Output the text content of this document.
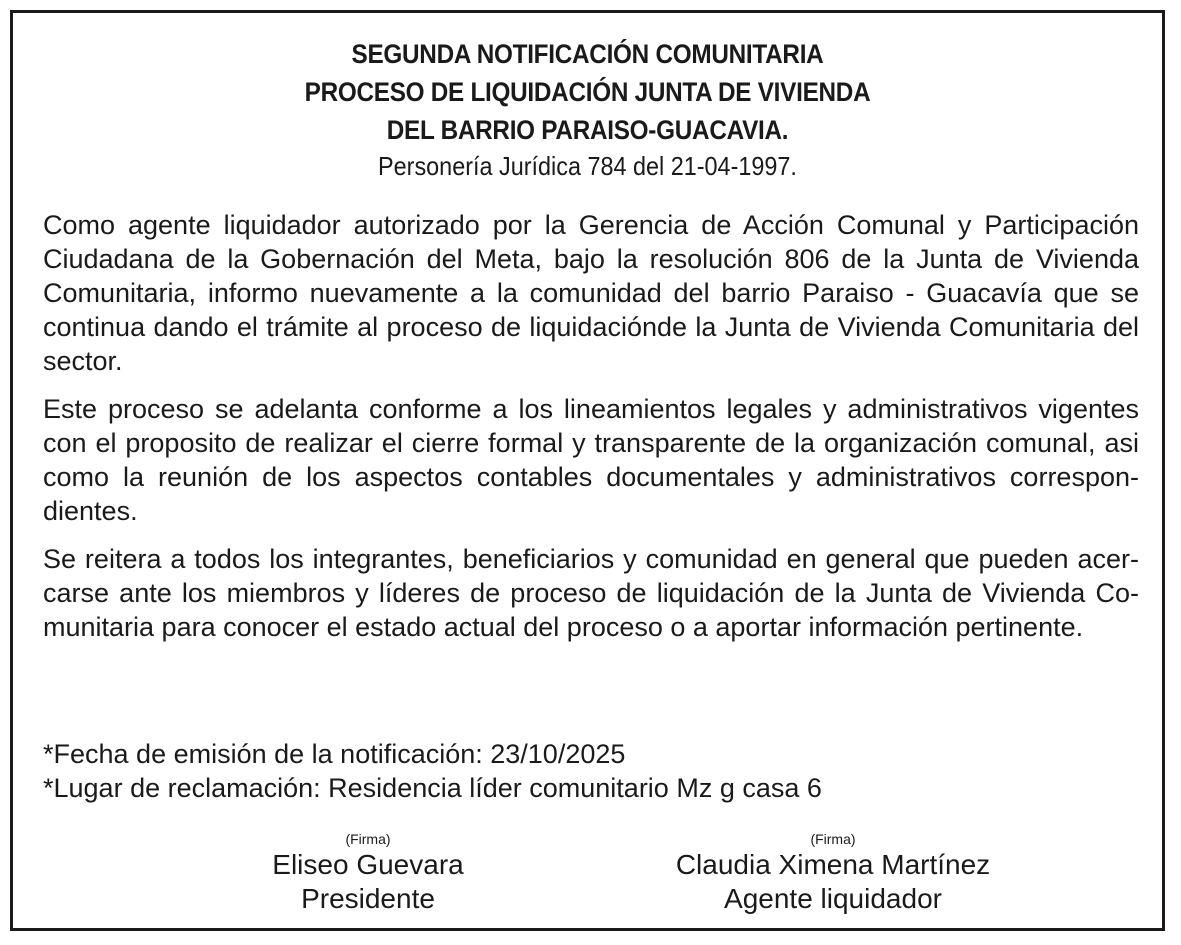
SEGUNDA NOTIFICACIÓN COMUNITARIA
PROCESO DE LIQUIDACIÓN JUNTA DE VIVIENDA
DEL BARRIO PARAISO-GUACAVIA.
Personería Jurídica 784 del 21-04-1997.

Como agente liquidador autorizado por la Gerencia de Acción Comunal y Participación Ciudadana de la Gobernación del Meta, bajo la resolución 806 de la Junta de Vivienda Comunitaria, informo nuevamente a la comunidad del barrio Paraiso - Guacavía que se continua dando el trámite al proceso de liquidaciónde la Junta de Vivienda Comunitaria del sector.

Este proceso se adelanta conforme a los lineamientos legales y administrativos vigentes con el proposito de realizar el cierre formal y transparente de la organización comunal, asi como la reunión de los aspectos contables documentales y administrativos correspon-dientes.

Se reitera a todos los integrantes, beneficiarios y comunidad en general que pueden acer-carse ante los miembros y líderes de proceso de liquidación de la Junta de Vivienda Co-munitaria para conocer el estado actual del proceso o a aportar información pertinente.

*Fecha de emisión de la notificación: 23/10/2025
*Lugar de reclamación: Residencia líder comunitario Mz g casa 6
(Firma)
Eliseo Guevara
Presidente
(Firma)
Claudia Ximena Martínez
Agente liquidador
